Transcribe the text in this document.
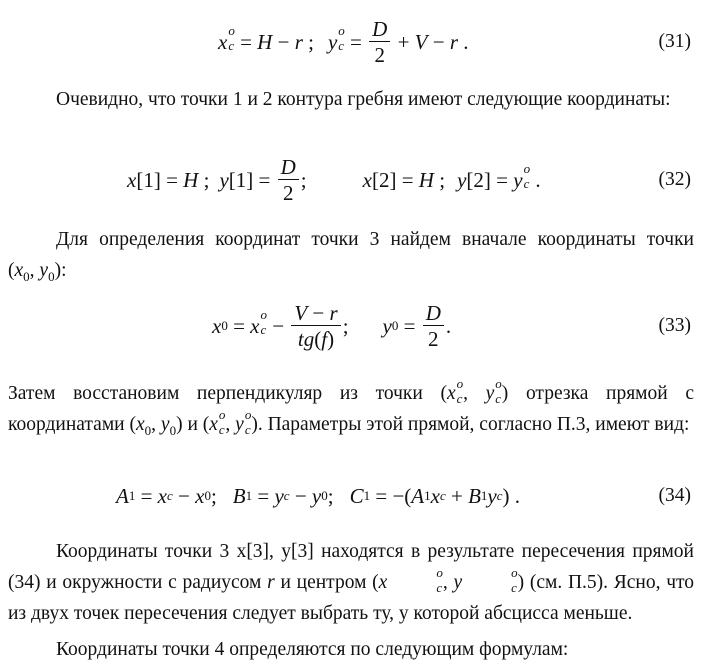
x o
c = H − r ; y o
$c = \frac{D}{2} + V - r$ .	(31)
Очевидно, что точки 1 и 2 контура гребня имеют следующие координаты:
x [1] = H ; y $[1] = \frac{D}{2}$ ;	x [2] = H ; y [2] = y o
c .	(32)
Для определения координат точки 3 найдем вначале координаты точки ($x_0$, $y_0$):
x 0 = x o
$c - \frac{V - r}{tg(f)}$ ; y $0 = \frac{D}{2}$ .	(33)
Затем восстановим перпендикуляр из точки (x o
c , y o
c ) отрезка прямой с координатами ($x_0$, $y_0$) и (x o
c , y o
c ). Параметры этой прямой, согласно П.3, имеют вид:
A 1 = x c − x 0 ; B 1 = y c − y 0 ; C 1 = −( A 1 x c + B 1 y c ) .	(34)
Координаты точки 3 x[3], y[3] находятся в результате пересечения прямой (34) и окружности с радиусом r и центром (x	o
c , y	o
c ) (см. П.5). Ясно, что из двух точек пересечения следует выбрать ту, у которой абсцисса меньше.
Координаты точки 4 определяются по следующим формулам:
